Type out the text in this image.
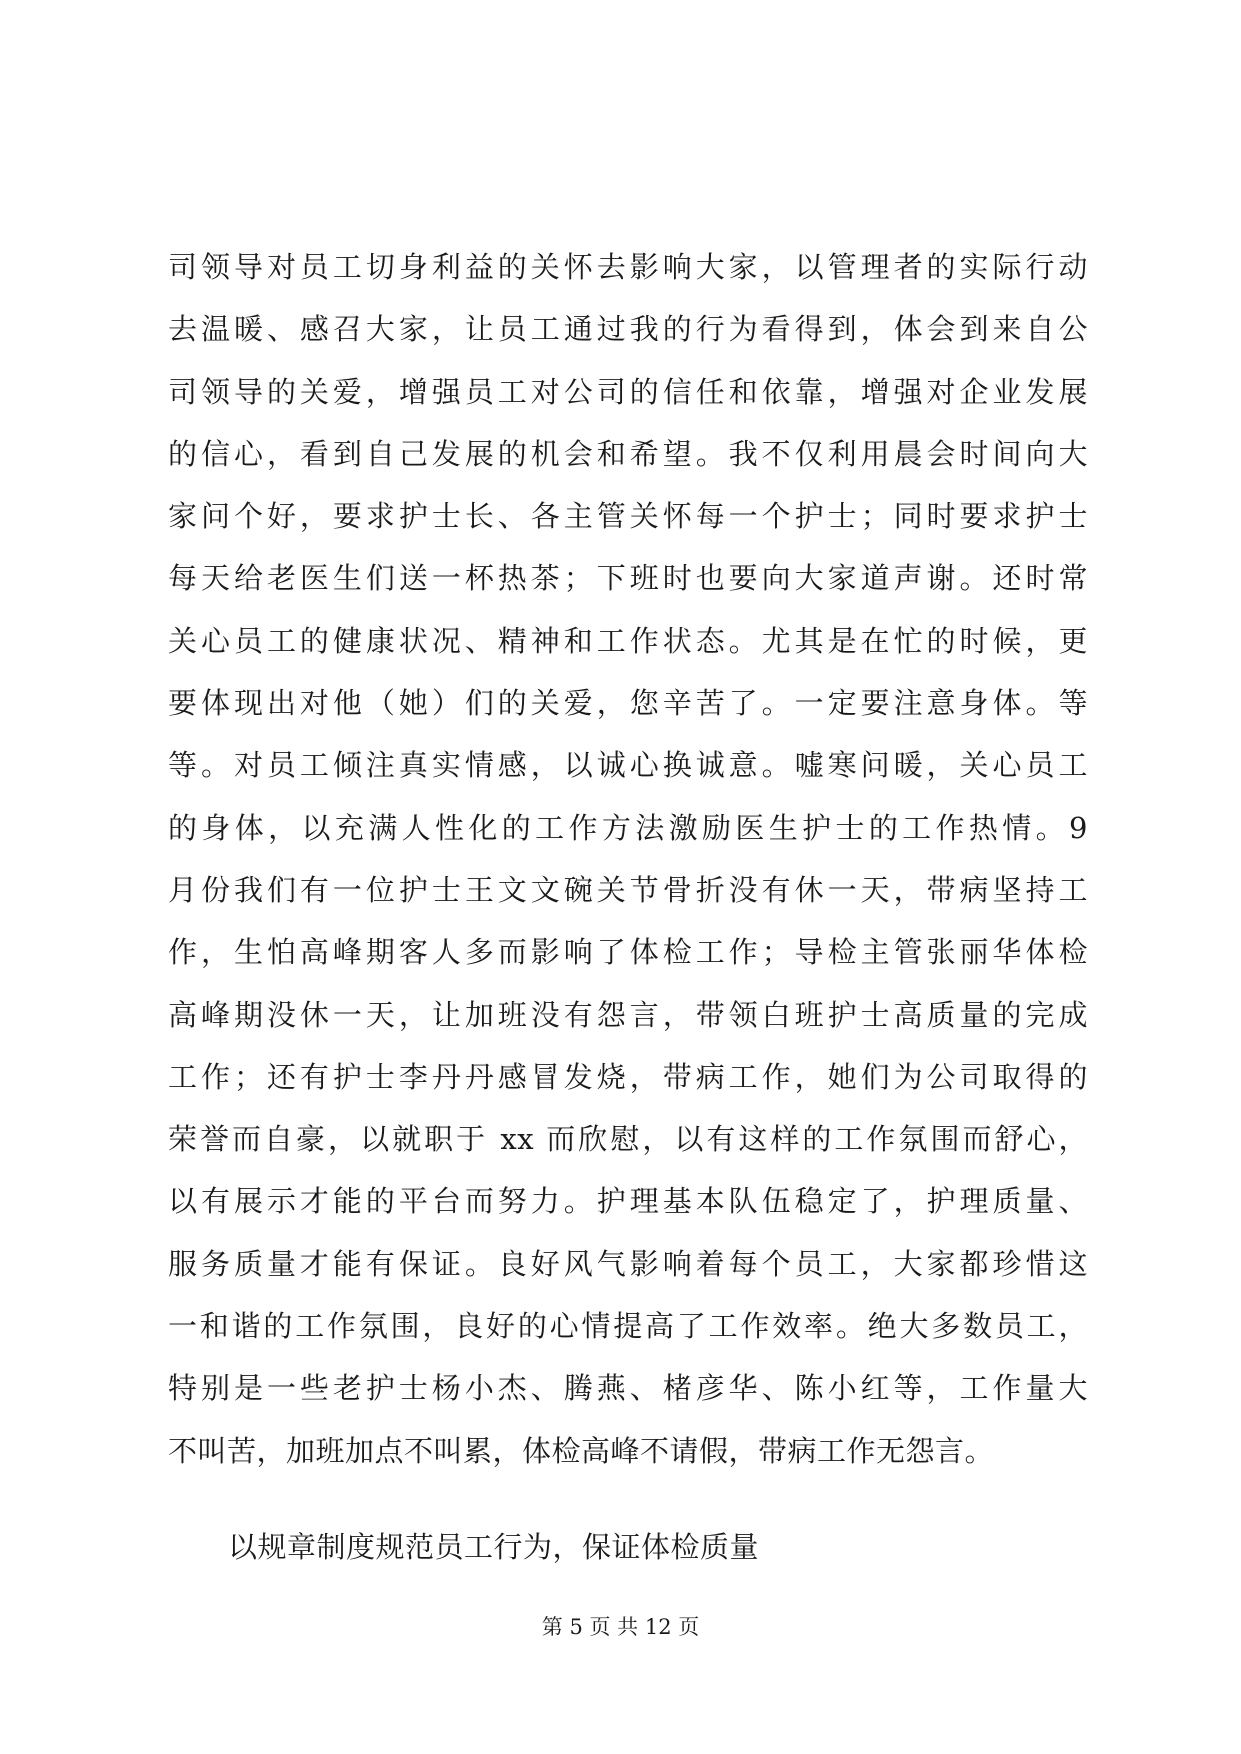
司领导对员工切身利益的关怀去影响大家，以管理者的实际行动
去温暖、感召大家，让员工通过我的行为看得到，体会到来自公
司领导的关爱，增强员工对公司的信任和依靠，增强对企业发展
的信心，看到自己发展的机会和希望。我不仅利用晨会时间向大
家问个好，要求护士长、各主管关怀每一个护士；同时要求护士
每天给老医生们送一杯热茶；下班时也要向大家道声谢。还时常
关心员工的健康状况、精神和工作状态。尤其是在忙的时候，更
要体现出对他（她）们的关爱，您辛苦了。一定要注意身体。等
等。对员工倾注真实情感，以诚心换诚意。嘘寒问暖，关心员工
的身体，以充满人性化的工作方法激励医生护士的工作热情。9
月份我们有一位护士王文文碗关节骨折没有休一天，带病坚持工
作，生怕高峰期客人多而影响了体检工作；导检主管张丽华体检
高峰期没休一天，让加班没有怨言，带领白班护士高质量的完成
工作；还有护士李丹丹感冒发烧，带病工作，她们为公司取得的
荣誉而自豪，以就职于 xx 而欣慰，以有这样的工作氛围而舒心，
以有展示才能的平台而努力。护理基本队伍稳定了，护理质量、
服务质量才能有保证。良好风气影响着每个员工，大家都珍惜这
一和谐的工作氛围，良好的心情提高了工作效率。绝大多数员工，
特别是一些老护士杨小杰、腾燕、楮彦华、陈小红等，工作量大
不叫苦，加班加点不叫累，体检高峰不请假，带病工作无怨言。
以规章制度规范员工行为，保证体检质量
第 5 页 共 12 页
